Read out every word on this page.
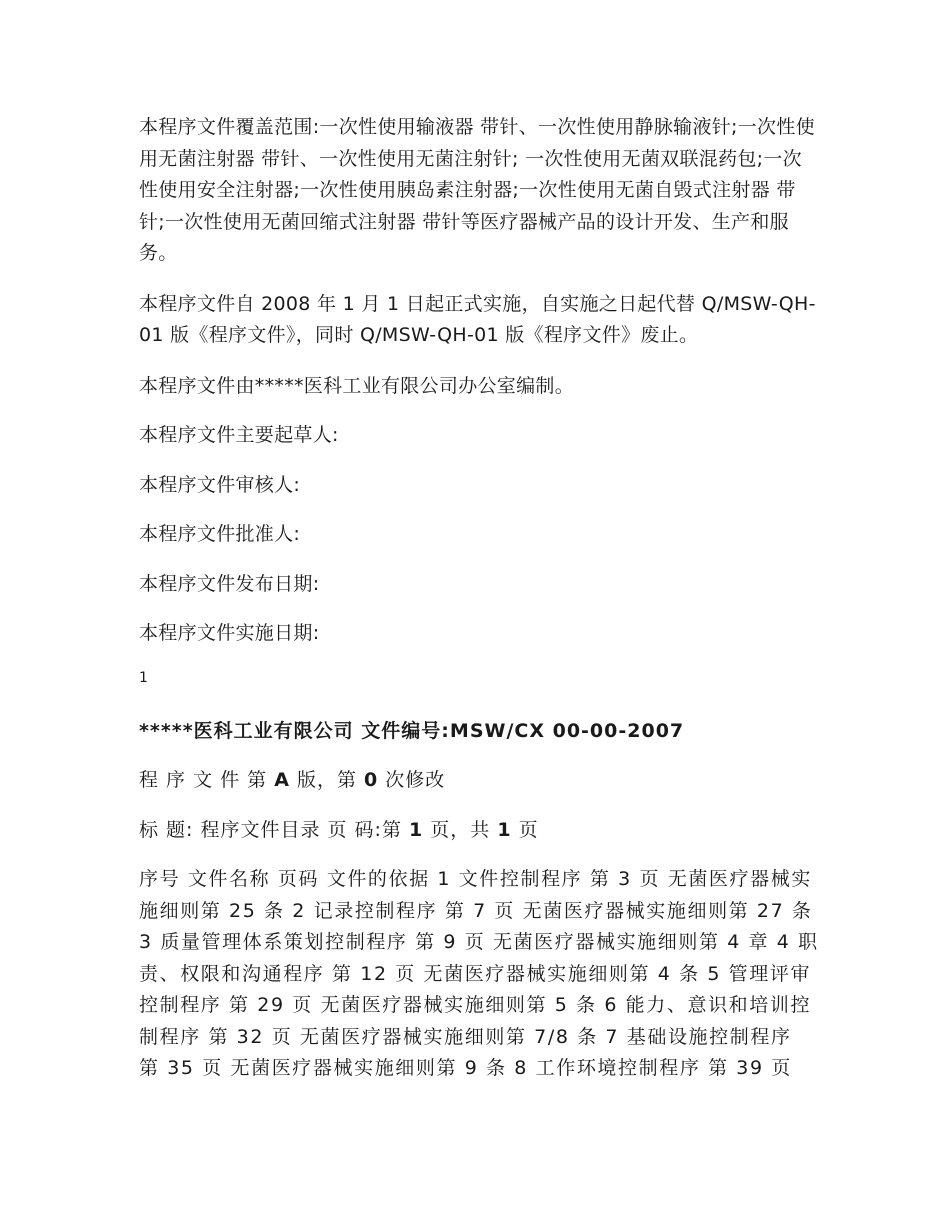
本程序文件覆盖范围:一次性使用输液器 带针、一次性使用静脉输液针;一次性使用无菌注射器 带针、一次性使用无菌注射针; 一次性使用无菌双联混药包;一次性使用安全注射器;一次性使用胰岛素注射器;一次性使用无菌自毁式注射器 带针;一次性使用无菌回缩式注射器 带针等医疗器械产品的设计开发、生产和服务。

本程序文件自 2008 年 1 月 1 日起正式实施，自实施之日起代替 Q/MSW-QH-01 版《程序文件》，同时 Q/MSW-QH-01 版《程序文件》废止。

本程序文件由*****医科工业有限公司办公室编制。

本程序文件主要起草人:

本程序文件审核人:

本程序文件批准人:

本程序文件发布日期:

本程序文件实施日期:

1

*****医科工业有限公司 文件编号:MSW/CX 00-00-2007

程 序 文 件 第 A 版，第 0 次修改

标 题: 程序文件目录 页 码:第 1 页，共 1 页

序号 文件名称 页码 文件的依据 1 文件控制程序 第 3 页 无菌医疗器械实施细则第 25 条 2 记录控制程序 第 7 页 无菌医疗器械实施细则第 27 条 3 质量管理体系策划控制程序 第 9 页 无菌医疗器械实施细则第 4 章 4 职责、权限和沟通程序 第 12 页 无菌医疗器械实施细则第 4 条 5 管理评审控制程序 第 29 页 无菌医疗器械实施细则第 5 条 6 能力、意识和培训控制程序 第 32 页 无菌医疗器械实施细则第 7/8 条 7 基础设施控制程序 第 35 页 无菌医疗器械实施细则第 9 条 8 工作环境控制程序 第 39 页
